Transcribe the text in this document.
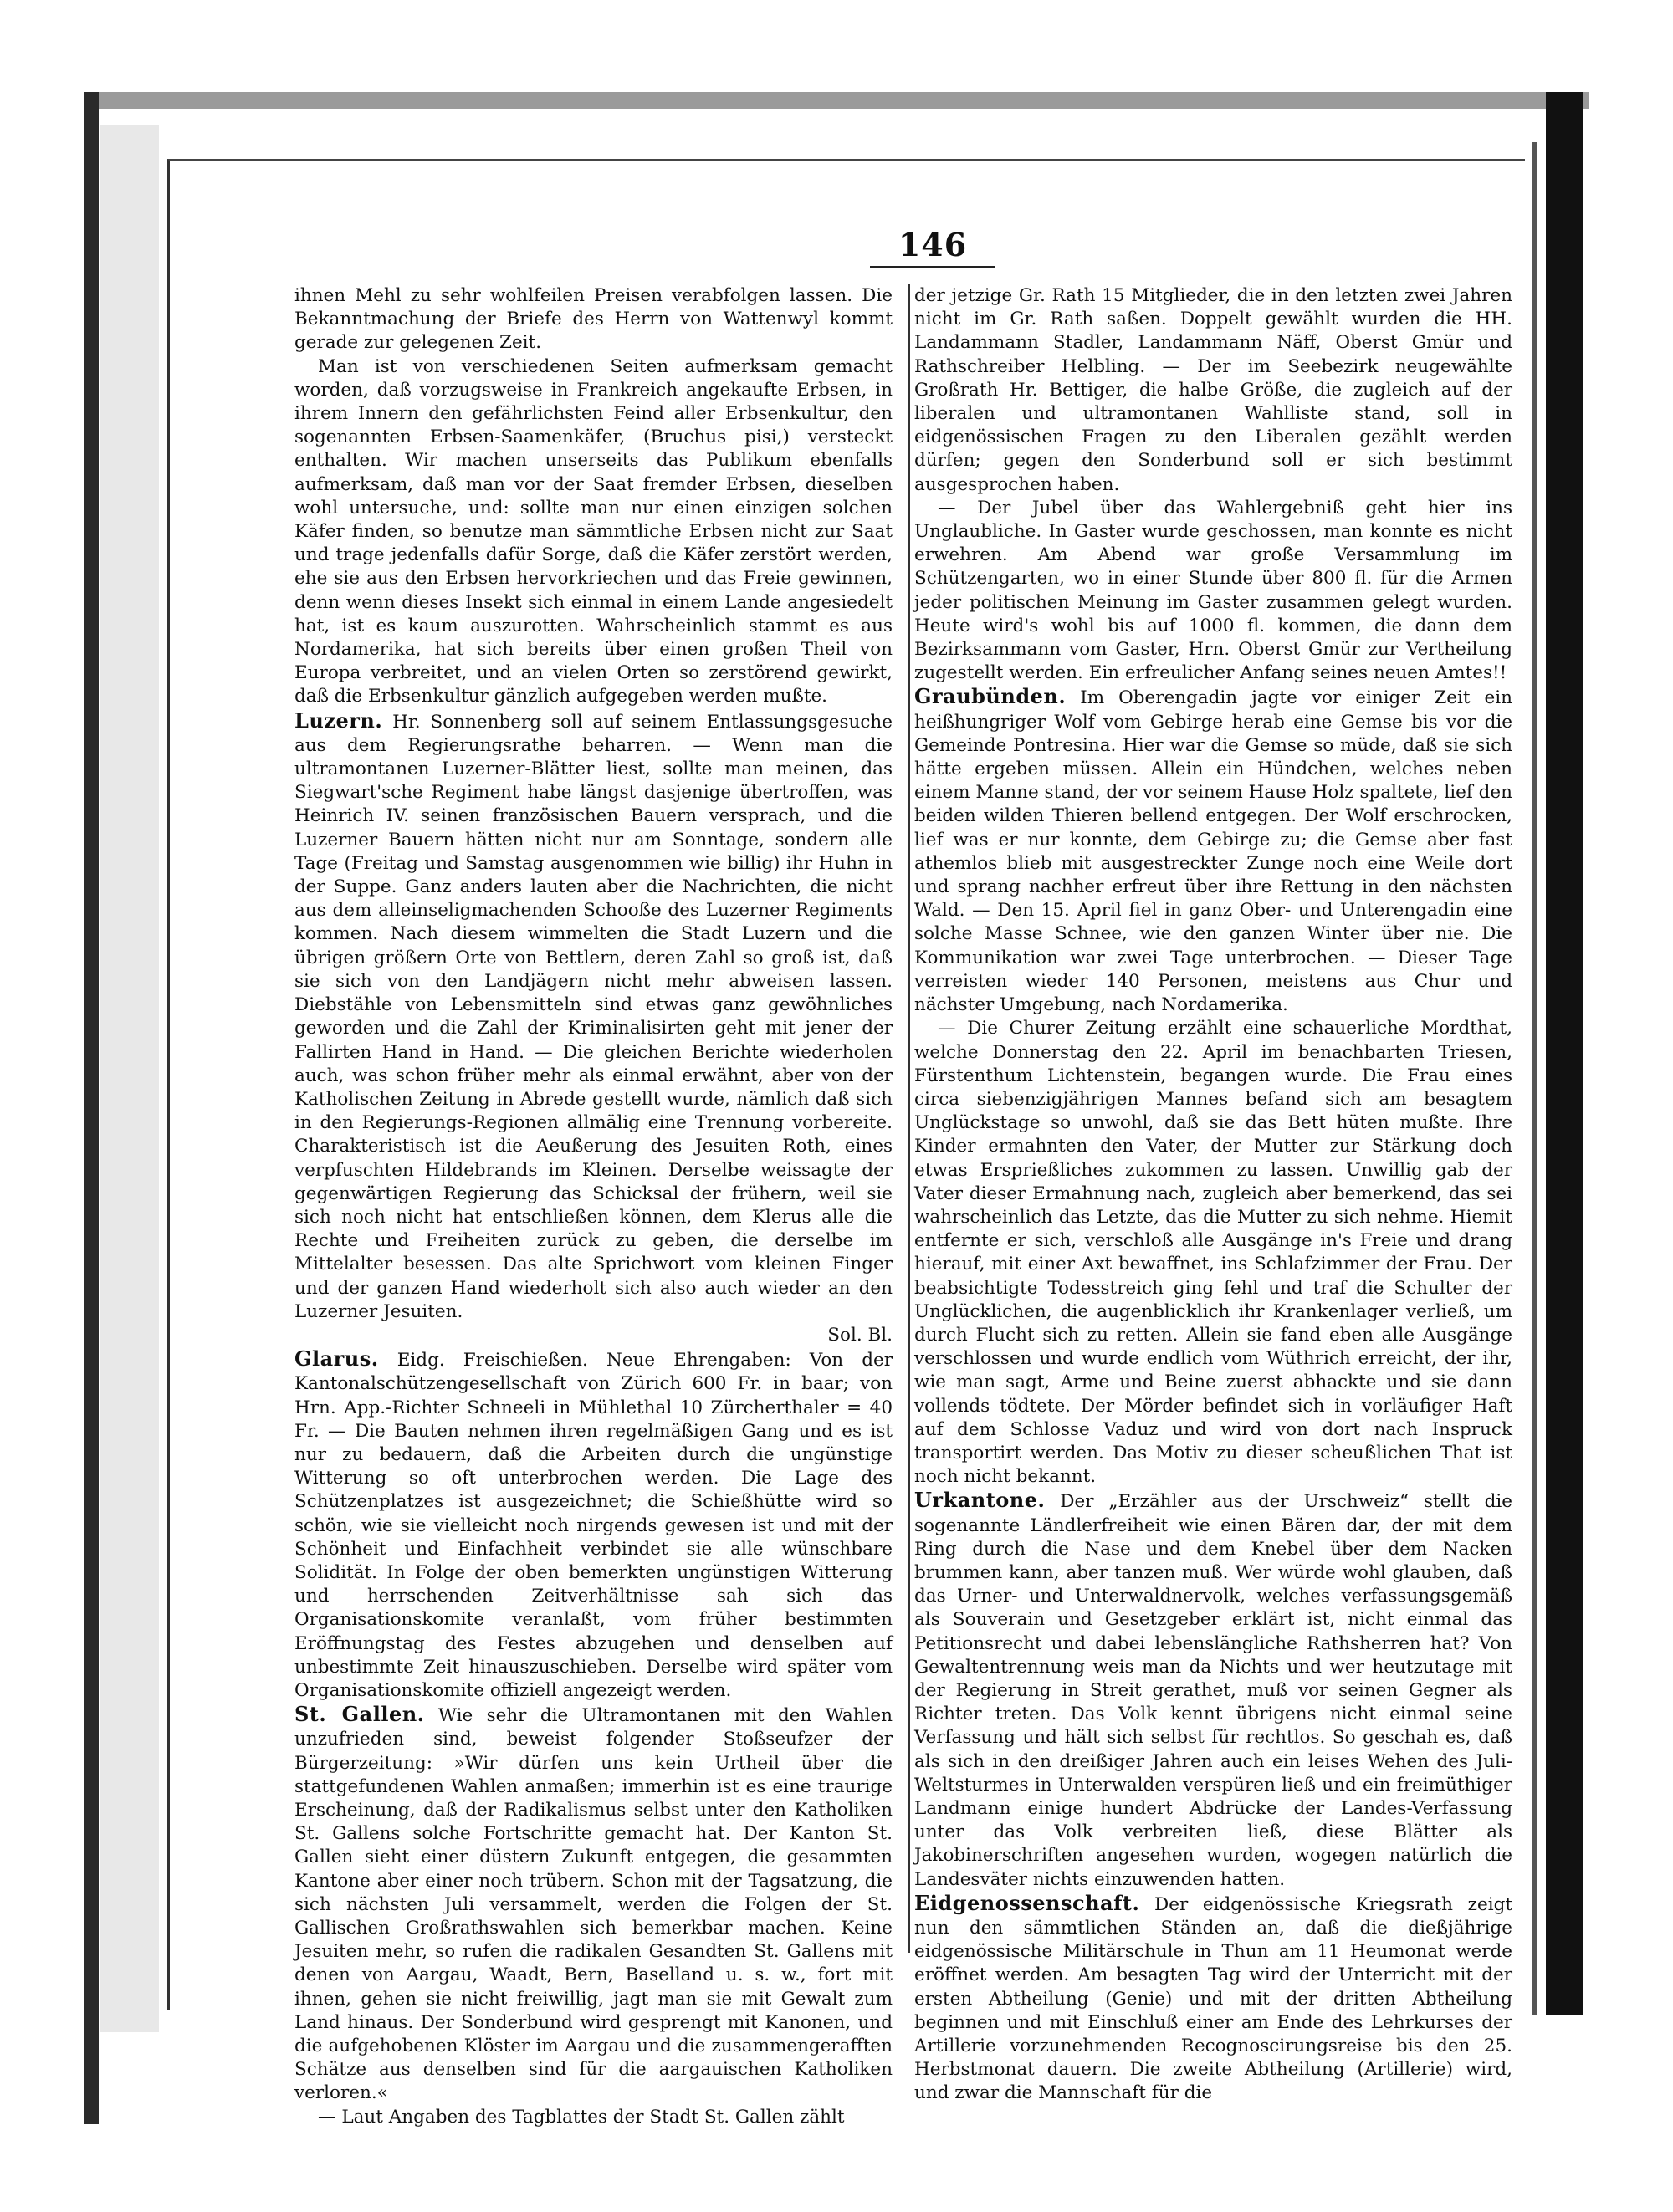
146

ihnen Mehl zu sehr wohlfeilen Preisen verabfolgen lassen. Die Bekanntmachung der Briefe des Herrn von Wattenwyl kommt gerade zur gelegenen Zeit.

Man ist von verschiedenen Seiten aufmerksam gemacht worden, daß vorzugsweise in Frankreich angekaufte Erbsen, in ihrem Innern den gefährlichsten Feind aller Erbsenkultur, den sogenannten Erbsen-Saamenkäfer, (Bruchus pisi,) versteckt enthalten. Wir machen unserseits das Publikum ebenfalls aufmerksam, daß man vor der Saat fremder Erbsen, dieselben wohl untersuche, und: sollte man nur einen einzigen solchen Käfer finden, so benutze man sämmtliche Erbsen nicht zur Saat und trage jedenfalls dafür Sorge, daß die Käfer zerstört werden, ehe sie aus den Erbsen hervorkriechen und das Freie gewinnen, denn wenn dieses Insekt sich einmal in einem Lande angesiedelt hat, ist es kaum auszurotten. Wahrscheinlich stammt es aus Nordamerika, hat sich bereits über einen großen Theil von Europa verbreitet, und an vielen Orten so zerstörend gewirkt, daß die Erbsenkultur gänzlich aufgegeben werden mußte.

Luzern. Hr. Sonnenberg soll auf seinem Entlassungsgesuche aus dem Regierungsrathe beharren. — Wenn man die ultramontanen Luzerner-Blätter liest, sollte man meinen, das Siegwart'sche Regiment habe längst dasjenige übertroffen, was Heinrich IV. seinen französischen Bauern versprach, und die Luzerner Bauern hätten nicht nur am Sonntage, sondern alle Tage (Freitag und Samstag ausgenommen wie billig) ihr Huhn in der Suppe. Ganz anders lauten aber die Nachrichten, die nicht aus dem alleinseligmachenden Schooße des Luzerner Regiments kommen. Nach diesem wimmelten die Stadt Luzern und die übrigen größern Orte von Bettlern, deren Zahl so groß ist, daß sie sich von den Landjägern nicht mehr abweisen lassen. Diebstähle von Lebensmitteln sind etwas ganz gewöhnliches geworden und die Zahl der Kriminalisirten geht mit jener der Fallirten Hand in Hand. — Die gleichen Berichte wiederholen auch, was schon früher mehr als einmal erwähnt, aber von der Katholischen Zeitung in Abrede gestellt wurde, nämlich daß sich in den Regierungs-Regionen allmälig eine Trennung vorbereite. Charakteristisch ist die Aeußerung des Jesuiten Roth, eines verpfuschten Hildebrands im Kleinen. Derselbe weissagte der gegenwärtigen Regierung das Schicksal der frühern, weil sie sich noch nicht hat entschließen können, dem Klerus alle die Rechte und Freiheiten zurück zu geben, die derselbe im Mittelalter besessen. Das alte Sprichwort vom kleinen Finger und der ganzen Hand wiederholt sich also auch wieder an den Luzerner Jesuiten.

Sol. Bl.

Glarus. Eidg. Freischießen. Neue Ehrengaben: Von der Kantonalschützengesellschaft von Zürich 600 Fr. in baar; von Hrn. App.-Richter Schneeli in Mühlethal 10 Zürcherthaler = 40 Fr. — Die Bauten nehmen ihren regelmäßigen Gang und es ist nur zu bedauern, daß die Arbeiten durch die ungünstige Witterung so oft unterbrochen werden. Die Lage des Schützenplatzes ist ausgezeichnet; die Schießhütte wird so schön, wie sie vielleicht noch nirgends gewesen ist und mit der Schönheit und Einfachheit verbindet sie alle wünschbare Solidität. In Folge der oben bemerkten ungünstigen Witterung und herrschenden Zeitverhältnisse sah sich das Organisationskomite veranlaßt, vom früher bestimmten Eröffnungstag des Festes abzugehen und denselben auf unbestimmte Zeit hinauszuschieben. Derselbe wird später vom Organisationskomite offiziell angezeigt werden.

St. Gallen. Wie sehr die Ultramontanen mit den Wahlen unzufrieden sind, beweist folgender Stoßseufzer der Bürgerzeitung: »Wir dürfen uns kein Urtheil über die stattgefundenen Wahlen anmaßen; immerhin ist es eine traurige Erscheinung, daß der Radikalismus selbst unter den Katholiken St. Gallens solche Fortschritte gemacht hat. Der Kanton St. Gallen sieht einer düstern Zukunft entgegen, die gesammten Kantone aber einer noch trübern. Schon mit der Tagsatzung, die sich nächsten Juli versammelt, werden die Folgen der St. Gallischen Großrathswahlen sich bemerkbar machen. Keine Jesuiten mehr, so rufen die radikalen Gesandten St. Gallens mit denen von Aargau, Waadt, Bern, Baselland u. s. w., fort mit ihnen, gehen sie nicht freiwillig, jagt man sie mit Gewalt zum Land hinaus. Der Sonderbund wird gesprengt mit Kanonen, und die aufgehobenen Klöster im Aargau und die zusammengerafften Schätze aus denselben sind für die aargauischen Katholiken verloren.«

— Laut Angaben des Tagblattes der Stadt St. Gallen zählt

der jetzige Gr. Rath 15 Mitglieder, die in den letzten zwei Jahren nicht im Gr. Rath saßen. Doppelt gewählt wurden die HH. Landammann Stadler, Landammann Näff, Oberst Gmür und Rathschreiber Helbling. — Der im Seebezirk neugewählte Großrath Hr. Bettiger, die halbe Größe, die zugleich auf der liberalen und ultramontanen Wahlliste stand, soll in eidgenössischen Fragen zu den Liberalen gezählt werden dürfen; gegen den Sonderbund soll er sich bestimmt ausgesprochen haben.

— Der Jubel über das Wahlergebniß geht hier ins Unglaubliche. In Gaster wurde geschossen, man konnte es nicht erwehren. Am Abend war große Versammlung im Schützengarten, wo in einer Stunde über 800 fl. für die Armen jeder politischen Meinung im Gaster zusammen gelegt wurden. Heute wird's wohl bis auf 1000 fl. kommen, die dann dem Bezirksammann vom Gaster, Hrn. Oberst Gmür zur Vertheilung zugestellt werden. Ein erfreulicher Anfang seines neuen Amtes!!

Graubünden. Im Oberengadin jagte vor einiger Zeit ein heißhungriger Wolf vom Gebirge herab eine Gemse bis vor die Gemeinde Pontresina. Hier war die Gemse so müde, daß sie sich hätte ergeben müssen. Allein ein Hündchen, welches neben einem Manne stand, der vor seinem Hause Holz spaltete, lief den beiden wilden Thieren bellend entgegen. Der Wolf erschrocken, lief was er nur konnte, dem Gebirge zu; die Gemse aber fast athemlos blieb mit ausgestreckter Zunge noch eine Weile dort und sprang nachher erfreut über ihre Rettung in den nächsten Wald. — Den 15. April fiel in ganz Ober- und Unterengadin eine solche Masse Schnee, wie den ganzen Winter über nie. Die Kommunikation war zwei Tage unterbrochen. — Dieser Tage verreisten wieder 140 Personen, meistens aus Chur und nächster Umgebung, nach Nordamerika.

— Die Churer Zeitung erzählt eine schauerliche Mordthat, welche Donnerstag den 22. April im benachbarten Triesen, Fürstenthum Lichtenstein, begangen wurde. Die Frau eines circa siebenzigjährigen Mannes befand sich am besagtem Unglückstage so unwohl, daß sie das Bett hüten mußte. Ihre Kinder ermahnten den Vater, der Mutter zur Stärkung doch etwas Ersprießliches zukommen zu lassen. Unwillig gab der Vater dieser Ermahnung nach, zugleich aber bemerkend, das sei wahrscheinlich das Letzte, das die Mutter zu sich nehme. Hiemit entfernte er sich, verschloß alle Ausgänge in's Freie und drang hierauf, mit einer Axt bewaffnet, ins Schlafzimmer der Frau. Der beabsichtigte Todesstreich ging fehl und traf die Schulter der Unglücklichen, die augenblicklich ihr Krankenlager verließ, um durch Flucht sich zu retten. Allein sie fand eben alle Ausgänge verschlossen und wurde endlich vom Wüthrich erreicht, der ihr, wie man sagt, Arme und Beine zuerst abhackte und sie dann vollends tödtete. Der Mörder befindet sich in vorläufiger Haft auf dem Schlosse Vaduz und wird von dort nach Inspruck transportirt werden. Das Motiv zu dieser scheußlichen That ist noch nicht bekannt.

Urkantone. Der „Erzähler aus der Urschweiz“ stellt die sogenannte Ländlerfreiheit wie einen Bären dar, der mit dem Ring durch die Nase und dem Knebel über dem Nacken brummen kann, aber tanzen muß. Wer würde wohl glauben, daß das Urner- und Unterwaldnervolk, welches verfassungsgemäß als Souverain und Gesetzgeber erklärt ist, nicht einmal das Petitionsrecht und dabei lebenslängliche Rathsherren hat? Von Gewaltentrennung weis man da Nichts und wer heutzutage mit der Regierung in Streit gerathet, muß vor seinen Gegner als Richter treten. Das Volk kennt übrigens nicht einmal seine Verfassung und hält sich selbst für rechtlos. So geschah es, daß als sich in den dreißiger Jahren auch ein leises Wehen des Juli-Weltsturmes in Unterwalden verspüren ließ und ein freimüthiger Landmann einige hundert Abdrücke der Landes-Verfassung unter das Volk verbreiten ließ, diese Blätter als Jakobinerschriften angesehen wurden, wogegen natürlich die Landesväter nichts einzuwenden hatten.

Eidgenossenschaft. Der eidgenössische Kriegsrath zeigt nun den sämmtlichen Ständen an, daß die dießjährige eidgenössische Militärschule in Thun am 11 Heumonat werde eröffnet werden. Am besagten Tag wird der Unterricht mit der ersten Abtheilung (Genie) und mit der dritten Abtheilung beginnen und mit Einschluß einer am Ende des Lehrkurses der Artillerie vorzunehmenden Recognoscirungsreise bis den 25. Herbstmonat dauern. Die zweite Abtheilung (Artillerie) wird, und zwar die Mannschaft für die
